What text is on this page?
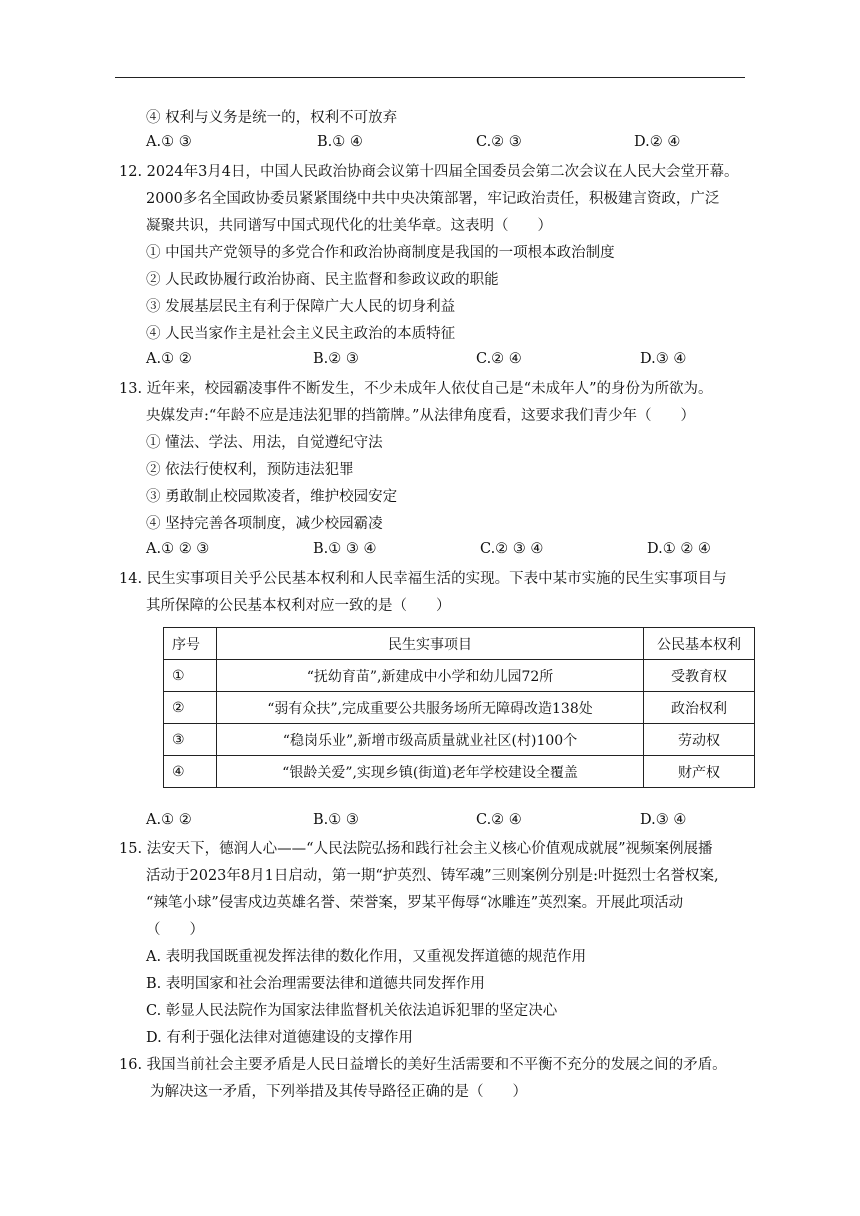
④ 权利与义务是统一的，权利不可放弃
A.① ③	B.① ④	C.② ③	D.② ④
12. 2024年3月4日，中国人民政治协商会议第十四届全国委员会第二次会议在人民大会堂开幕。
2000多名全国政协委员紧紧围绕中共中央决策部署，牢记政治责任，积极建言资政，广泛
凝聚共识，共同谱写中国式现代化的壮美华章。这表明（　　）
① 中国共产党领导的多党合作和政治协商制度是我国的一项根本政治制度
② 人民政协履行政治协商、民主监督和参政议政的职能
③ 发展基层民主有利于保障广大人民的切身利益
④ 人民当家作主是社会主义民主政治的本质特征
A.① ②	B.② ③	C.② ④	D.③ ④
13. 近年来，校园霸凌事件不断发生，不少未成年人依仗自己是“未成年人”的身份为所欲为。
央媒发声:“年龄不应是违法犯罪的挡箭牌。”从法律角度看，这要求我们青少年（　　）
① 懂法、学法、用法，自觉遵纪守法
② 依法行使权利，预防违法犯罪
③ 勇敢制止校园欺凌者，维护校园安定
④ 坚持完善各项制度，减少校园霸凌
A.① ② ③	B.① ③ ④	C.② ③ ④	D.① ② ④
14. 民生实事项目关乎公民基本权利和人民幸福生活的实现。下表中某市实施的民生实事项目与
其所保障的公民基本权利对应一致的是（　　）
序号	民生实事项目	公民基本权利
①	“抚幼育苗”,新建成中小学和幼儿园72所	受教育权
②	“弱有众扶”,完成重要公共服务场所无障碍改造138处	政治权利
③	“稳岗乐业”,新增市级高质量就业社区(村)100个	劳动权
④	“银龄关爱”,实现乡镇(街道)老年学校建设全覆盖	财产权
A.① ②	B.① ③	C.② ④	D.③ ④
15. 法安天下，德润人心——“人民法院弘扬和践行社会主义核心价值观成就展”视频案例展播
活动于2023年8月1日启动，第一期“护英烈、铸军魂”三则案例分别是:叶挺烈士名誉权案,
“辣笔小球”侵害戍边英雄名誉、荣誉案，罗某平侮辱“冰雕连”英烈案。开展此项活动
（　　）
A. 表明我国既重视发挥法律的数化作用，又重视发挥道德的规范作用
B. 表明国家和社会治理需要法律和道德共同发挥作用
C. 彰显人民法院作为国家法律监督机关依法追诉犯罪的坚定决心
D. 有利于强化法律对道德建设的支撑作用
16. 我国当前社会主要矛盾是人民日益增长的美好生活需要和不平衡不充分的发展之间的矛盾。
为解决这一矛盾，下列举措及其传导路径正确的是（　　）
